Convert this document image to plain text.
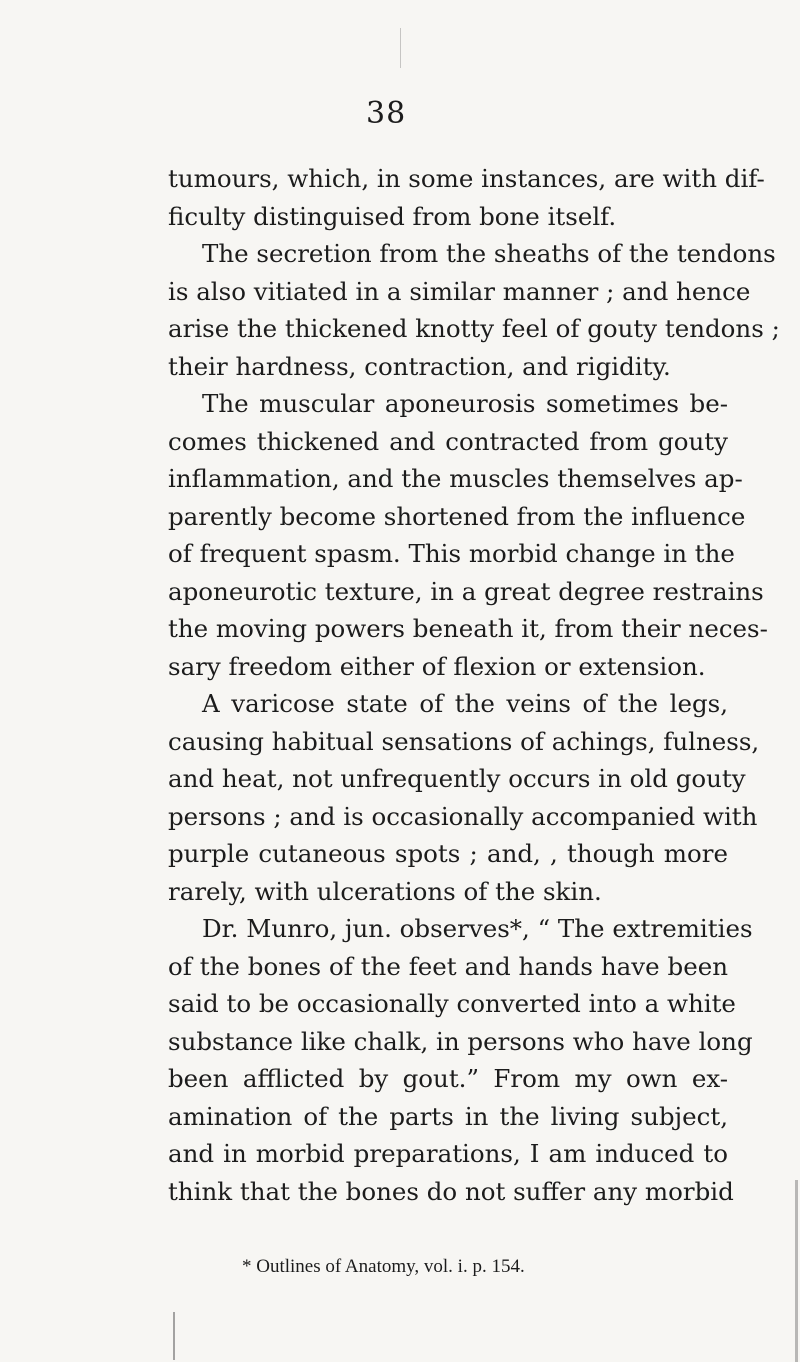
38
tumours, which, in some instances, are with dif-
ficulty distinguised from bone itself.
The secretion from the sheaths of the tendons
is also vitiated in a similar manner ; and hence
arise the thickened knotty feel of gouty tendons ;
their hardness, contraction, and rigidity.
The muscular aponeurosis sometimes be-
comes thickened and contracted from gouty
inflammation, and the muscles themselves ap-
parently become shortened from the influence
of frequent spasm. This morbid change in the
aponeurotic texture, in a great degree restrains
the moving powers beneath it, from their neces-
sary freedom either of flexion or extension.
A varicose state of the veins of the legs,
causing habitual sensations of achings, fulness,
and heat, not unfrequently occurs in old gouty
persons ; and is occasionally accompanied with
purple cutaneous spots ; and, , though more
rarely, with ulcerations of the skin.
Dr. Munro, jun. observes*, “ The extremities
of the bones of the feet and hands have been
said to be occasionally converted into a white
substance like chalk, in persons who have long
been afflicted by gout.” From my own ex-
amination of the parts in the living subject,
and in morbid preparations, I am induced to
think that the bones do not suffer any morbid
* Outlines of Anatomy, vol. i. p. 154.
